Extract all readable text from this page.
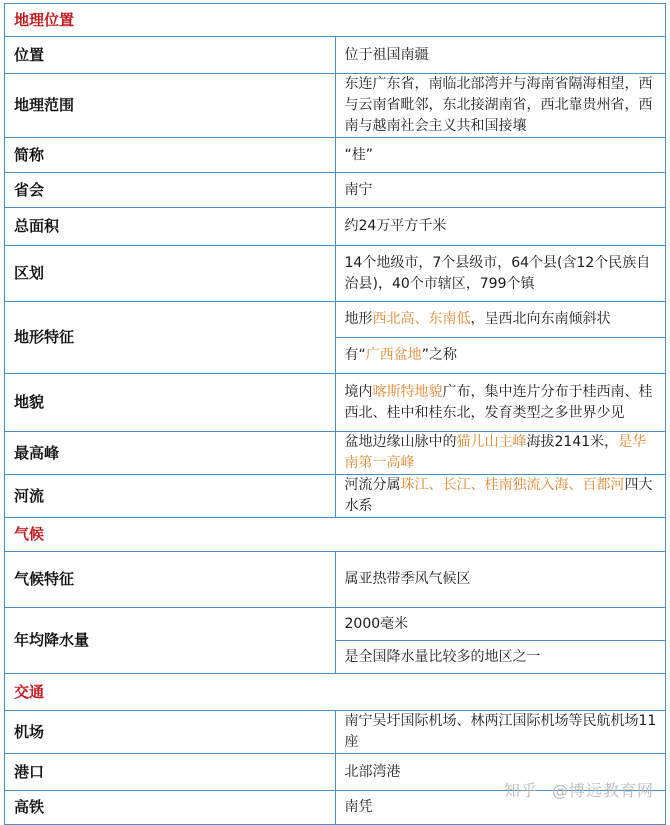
地理位置	
位置	位于祖国南疆
地理范围	东连广东省，南临北部湾并与海南省隔海相望，西与云南省毗邻，东北接湖南省，西北靠贵州省，西南与越南社会主义共和国接壤
简称	“桂”
省会	南宁
总面积	约24万平方千米
区划	14个地级市，7个县级市，64个县(含12个民族自治县)，40个市辖区，799个镇
地形特征	地形西北高、东南低，呈西北向东南倾斜状
	有“广西盆地”之称
地貌	境内喀斯特地貌广布，集中连片分布于桂西南、桂西北、桂中和桂东北，发育类型之多世界少见
最高峰	盆地边缘山脉中的猫儿山主峰海拔2141米，是华南第一高峰
河流	河流分属珠江、长江、桂南独流入海、百都河四大水系
气候	
气候特征	属亚热带季风气候区
年均降水量	2000毫米
	是全国降水量比较多的地区之一
交通	
机场	南宁吴圩国际机场、林两江国际机场等民航机场11座
港口	北部湾港
高铁	南凭
知乎 @博远教育网
